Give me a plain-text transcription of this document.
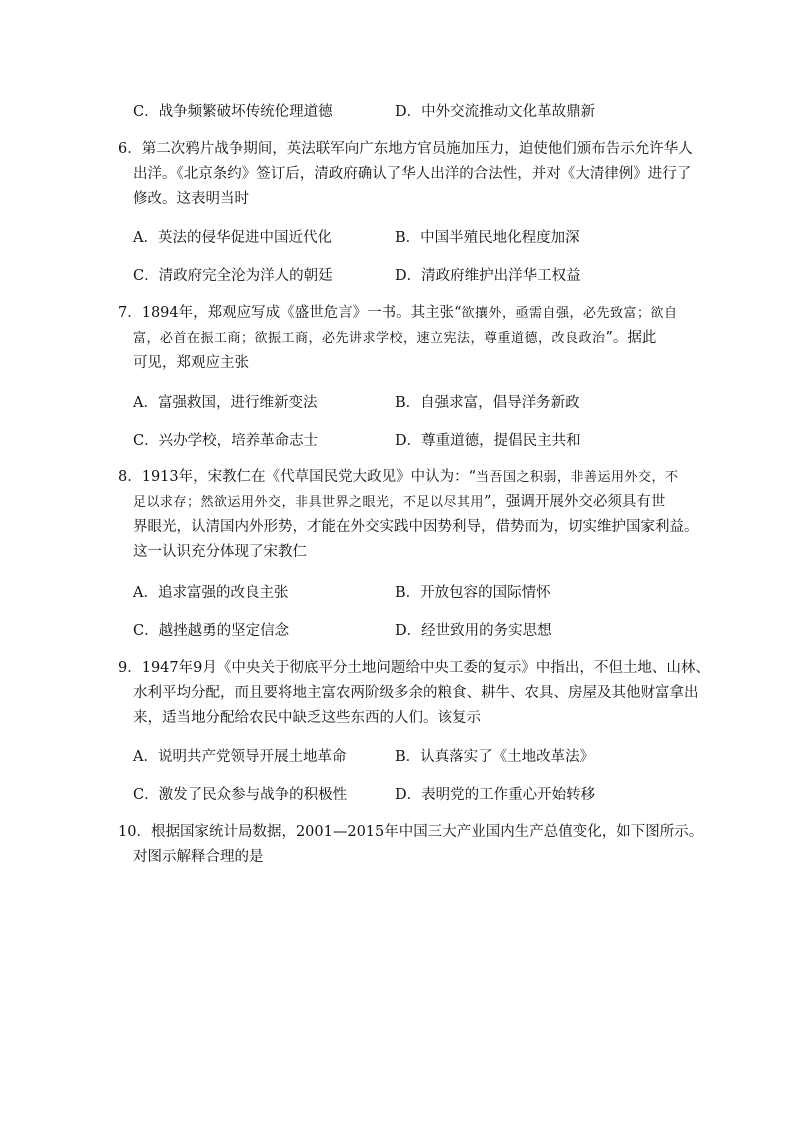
C．战争频繁破坏传统伦理道德	D．中外交流推动文化革故鼎新
6．第二次鸦片战争期间，英法联军向广东地方官员施加压力，迫使他们颁布告示允许华人
出洋。《北京条约》签订后，清政府确认了华人出洋的合法性，并对《大清律例》进行了
修改。这表明当时
A．英法的侵华促进中国近代化	B．中国半殖民地化程度加深
C．清政府完全沦为洋人的朝廷	D．清政府维护出洋华工权益
7．1894年，郑观应写成《盛世危言》一书。其主张“欲攘外，亟需自强，必先致富；欲自
富，必首在振工商；欲振工商，必先讲求学校，速立宪法，尊重道德，改良政治”。据此
可见，郑观应主张
A．富强救国，进行维新变法	B．自强求富，倡导洋务新政
C．兴办学校，培养革命志士	D．尊重道德，提倡民主共和
8．1913年，宋教仁在《代草国民党大政见》中认为：“当吾国之积弱，非善运用外交，不
足以求存；然欲运用外交，非具世界之眼光，不足以尽其用”，强调开展外交必须具有世
界眼光，认清国内外形势，才能在外交实践中因势利导，借势而为，切实维护国家利益。
这一认识充分体现了宋教仁
A．追求富强的改良主张	B．开放包容的国际情怀
C．越挫越勇的坚定信念	D．经世致用的务实思想
9．1947年9月《中央关于彻底平分土地问题给中央工委的复示》中指出，不但土地、山林、
水利平均分配，而且要将地主富农两阶级多余的粮食、耕牛、农具、房屋及其他财富拿出
来，适当地分配给农民中缺乏这些东西的人们。该复示
A．说明共产党领导开展土地革命	B．认真落实了《土地改革法》
C．激发了民众参与战争的积极性	D．表明党的工作重心开始转移
10．根据国家统计局数据，2001—2015年中国三大产业国内生产总值变化，如下图所示。
对图示解释合理的是
